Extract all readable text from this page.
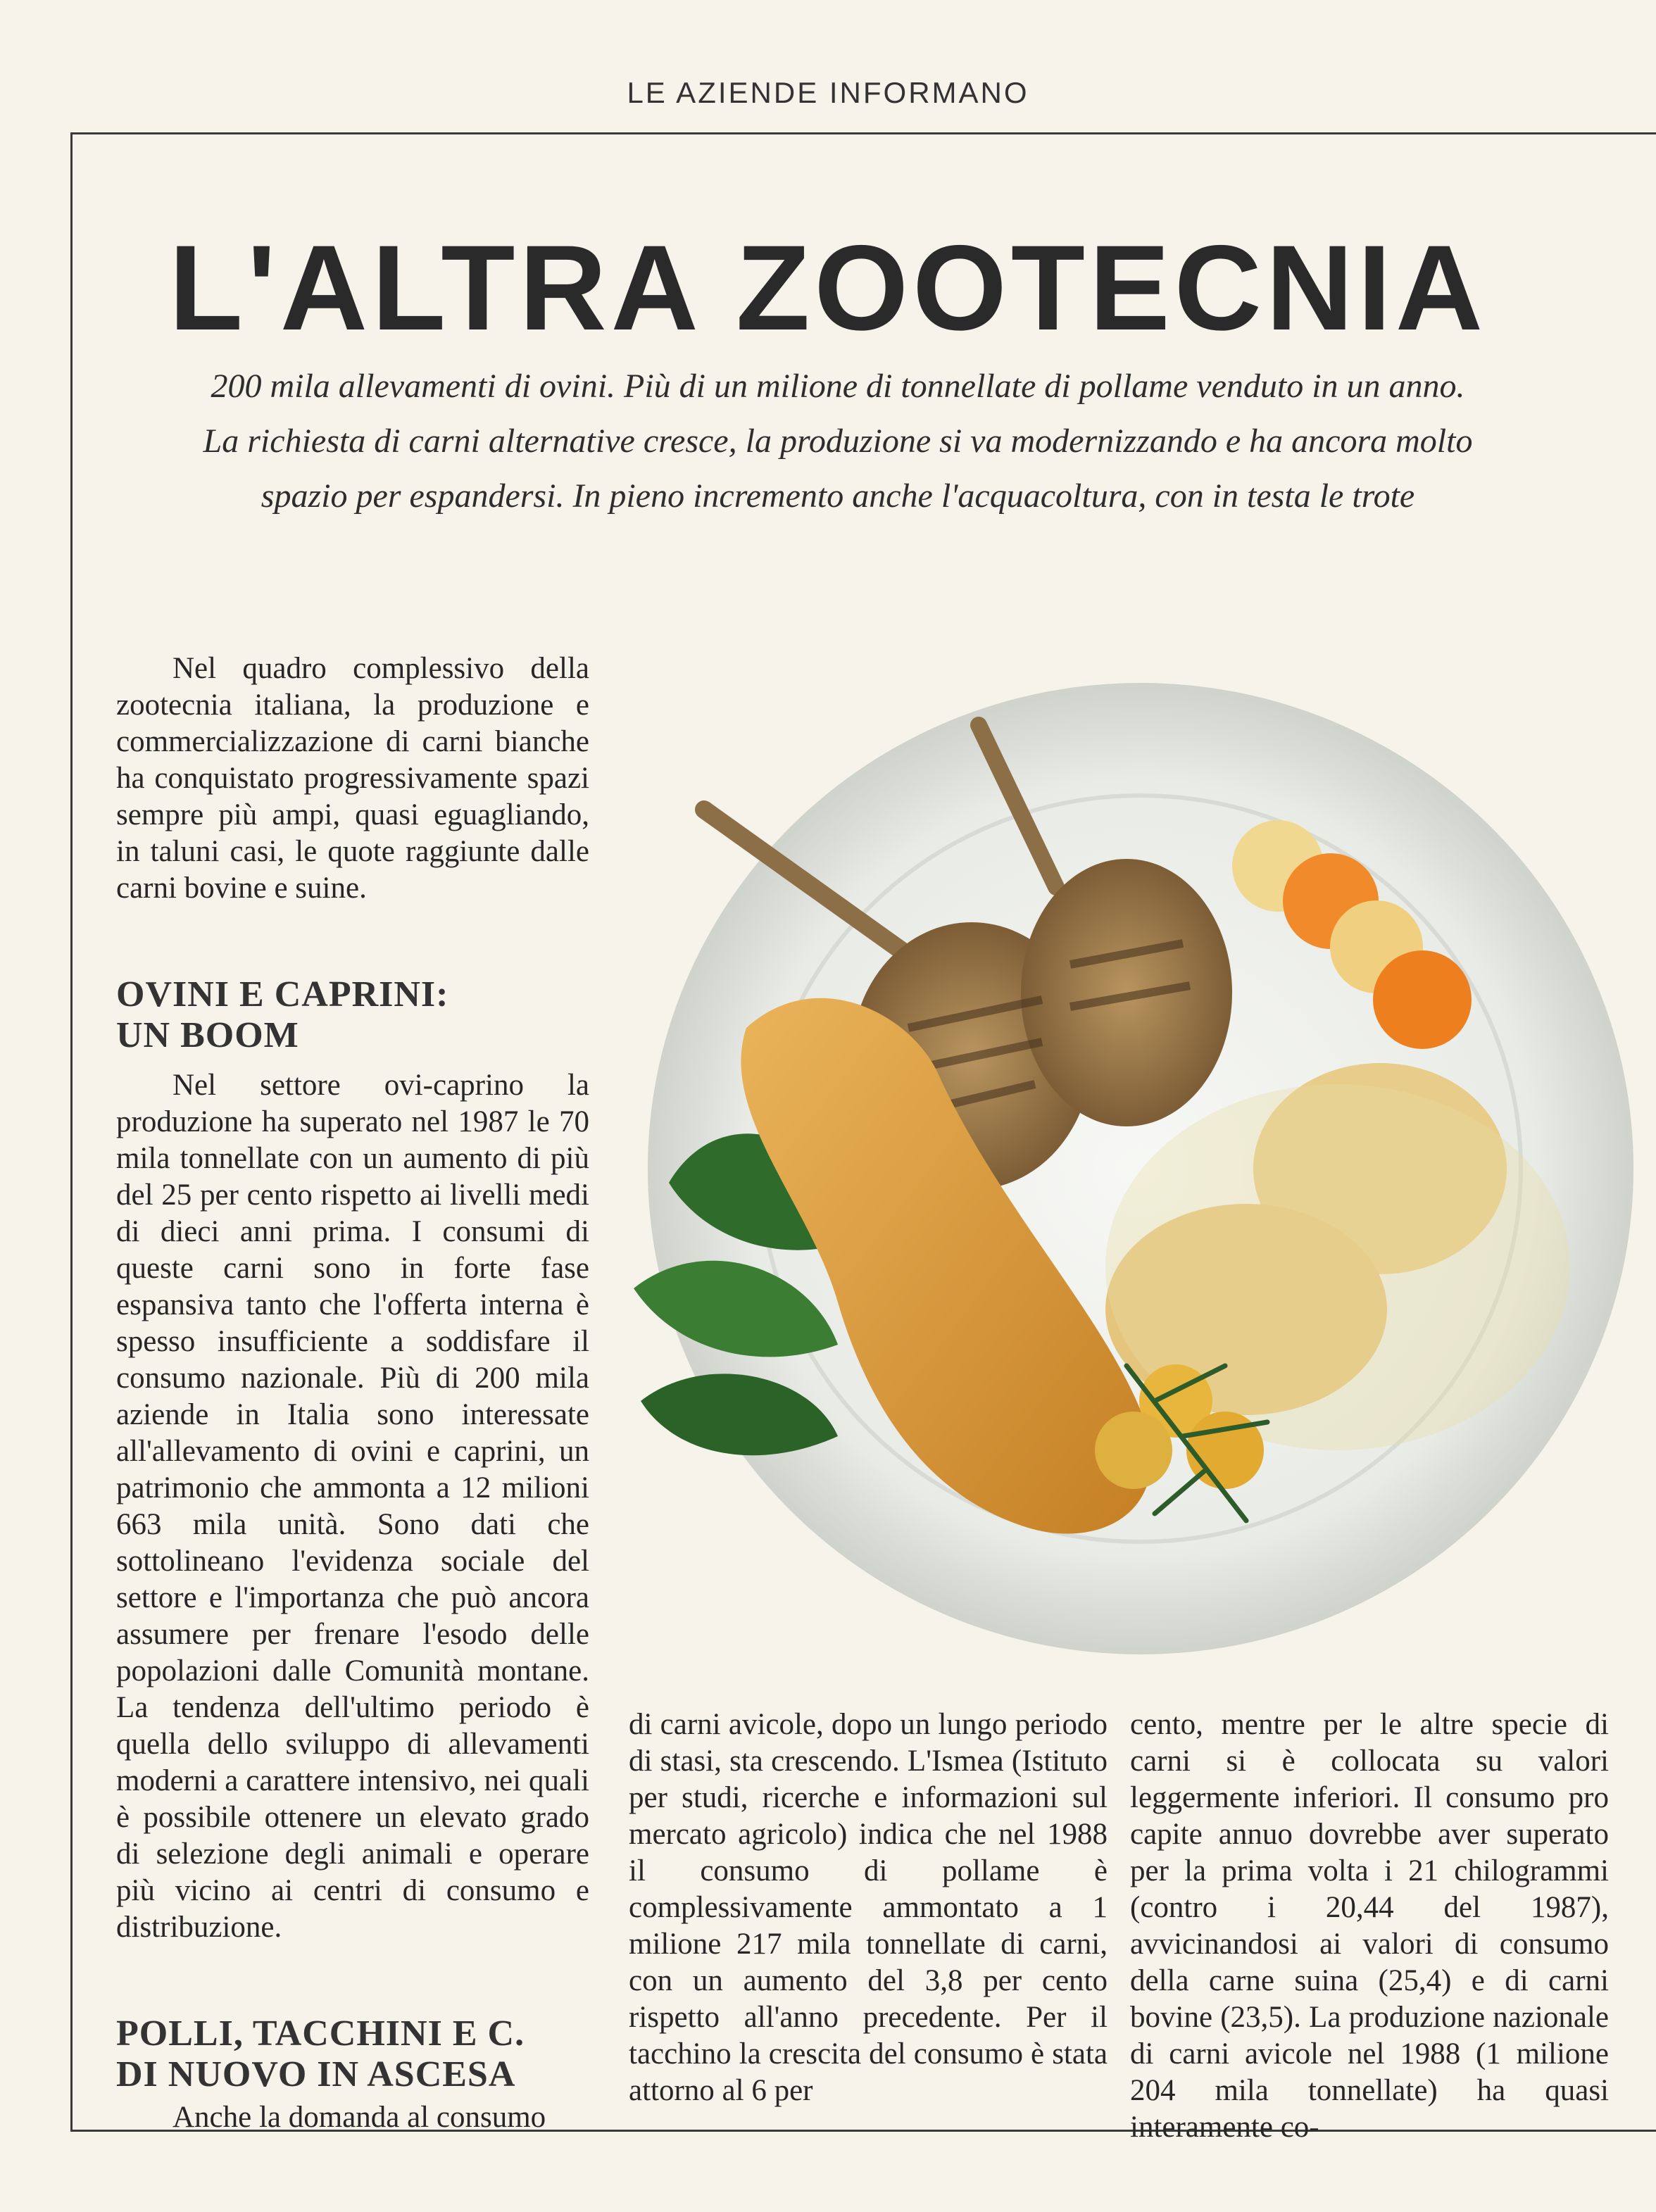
LE AZIENDE INFORMANO
L'ALTRA ZOOTECNIA
200 mila allevamenti di ovini. Più di un milione di tonnellate di pollame venduto in un anno.
La richiesta di carni alternative cresce, la produzione si va modernizzando e ha ancora molto
spazio per espandersi. In pieno incremento anche l'acquacoltura, con in testa le trote

Nel quadro complessivo della zootecnia italiana, la produzione e commercializzazione di carni bianche ha conquistato progressivamente spazi sempre più ampi, quasi eguagliando, in taluni casi, le quote raggiunte dalle carni bovine e suine.

OVINI E CAPRINI:
UN BOOM

Nel settore ovi-caprino la produzione ha superato nel 1987 le 70 mila tonnellate con un aumento di più del 25 per cento rispetto ai livelli medi di dieci anni prima. I consumi di queste carni sono in forte fase espansiva tanto che l'offerta interna è spesso insufficiente a soddisfare il consumo nazionale. Più di 200 mila aziende in Italia sono interessate all'allevamento di ovini e caprini, un patrimonio che ammonta a 12 milioni 663 mila unità. Sono dati che sottolineano l'evidenza sociale del settore e l'importanza che può ancora assumere per frenare l'esodo delle popolazioni dalle Comunità montane. La tendenza dell'ultimo periodo è quella dello sviluppo di allevamenti moderni a carattere intensivo, nei quali è possibile ottenere un elevato grado di selezione degli animali e operare più vicino ai centri di consumo e distribuzione.

POLLI, TACCHINI E C.
DI NUOVO IN ASCESA

Anche la domanda al consumo

di carni avicole, dopo un lungo periodo di stasi, sta crescendo. L'Ismea (Istituto per studi, ricerche e informazioni sul mercato agricolo) indica che nel 1988 il consumo di pollame è complessivamente ammontato a 1 milione 217 mila tonnellate di carni, con un aumento del 3,8 per cento rispetto all'anno precedente. Per il tacchino la crescita del consumo è stata attorno al 6 per

cento, mentre per le altre specie di carni si è collocata su valori leggermente inferiori. Il consumo pro capite annuo dovrebbe aver superato per la prima volta i 21 chilogrammi (contro i 20,44 del 1987), avvicinandosi ai valori di consumo della carne suina (25,4) e di carni bovine (23,5). La produzione nazionale di carni avicole nel 1988 (1 milione 204 mila tonnellate) ha quasi interamente co-
